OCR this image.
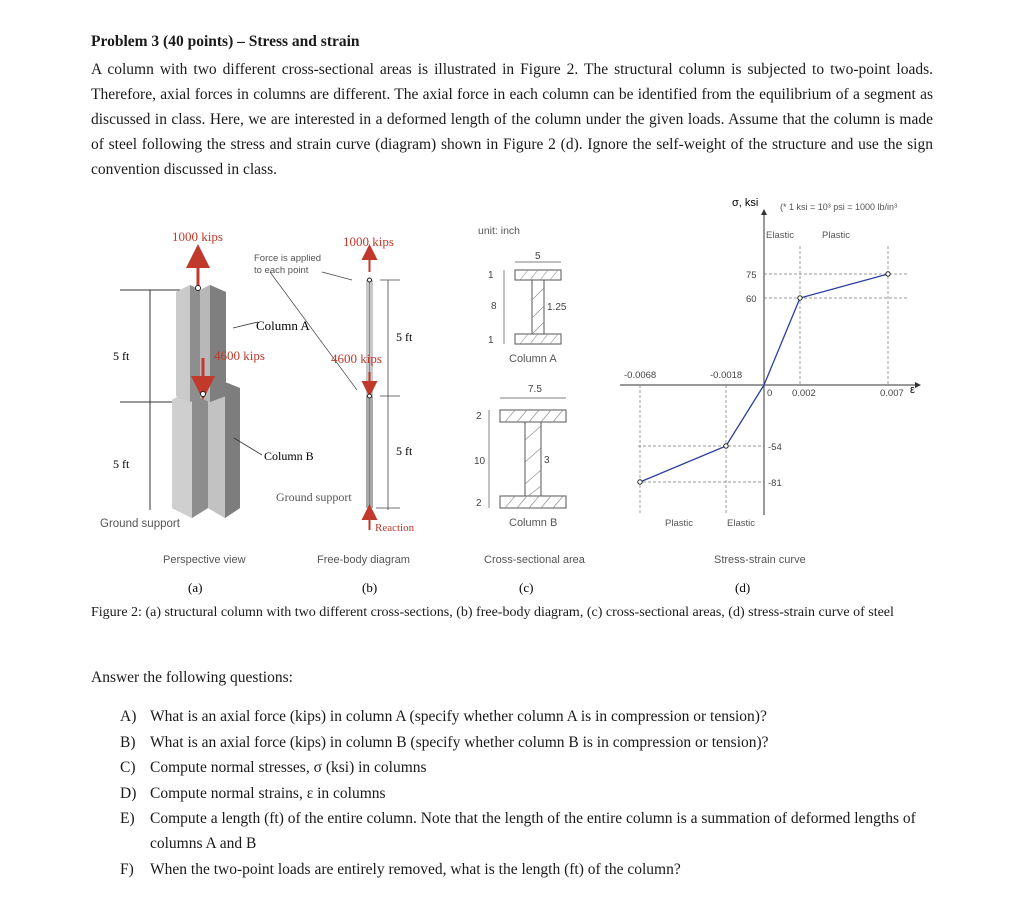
Problem 3 (40 points) – Stress and strain
A column with two different cross-sectional areas is illustrated in Figure 2. The structural column is subjected to two-point loads. Therefore, axial forces in columns are different. The axial force in each column can be identified from the equilibrium of a segment as discussed in class. Here, we are interested in a deformed length of the column under the given loads. Assume that the column is made of steel following the stress and strain curve (diagram) shown in Figure 2 (d). Ignore the self-weight of the structure and use the sign convention discussed in class.
1000 kips
4600 kips
Force is applied
to each point
Column A
Column B
5 ft
5 ft
Ground support
Perspective view
(a)
1000 kips
4600 kips
5 ft
5 ft
Ground support
Reaction
Free-body diagram
(b)
unit: inch
5
1
8	1.25
1
Column A
7.5
2
10	3
2
Column B
Cross-sectional area
(c)
-0.0068	-0.0018
0.002	0.007
75
60
-54
-81
σ, ksi (* 1 ksi = 10³ psi = 1000 lb/in³
ε
Elastic	Plastic
Elastic
Plastic
0
Stress-strain curve
(d)
Figure 2: (a) structural column with two different cross-sections, (b) free-body diagram, (c) cross-sectional areas, (d) stress-strain curve of steel
Answer the following questions:
A) What is an axial force (kips) in column A (specify whether column A is in compression or tension)?
B) What is an axial force (kips) in column B (specify whether column B is in compression or tension)?
C) Compute normal stresses, σ (ksi) in columns
D) Compute normal strains, ε in columns
E) Compute a length (ft) of the entire column. Note that the length of the entire column is a summation of deformed lengths of columns A and B
F) When the two-point loads are entirely removed, what is the length (ft) of the column?
